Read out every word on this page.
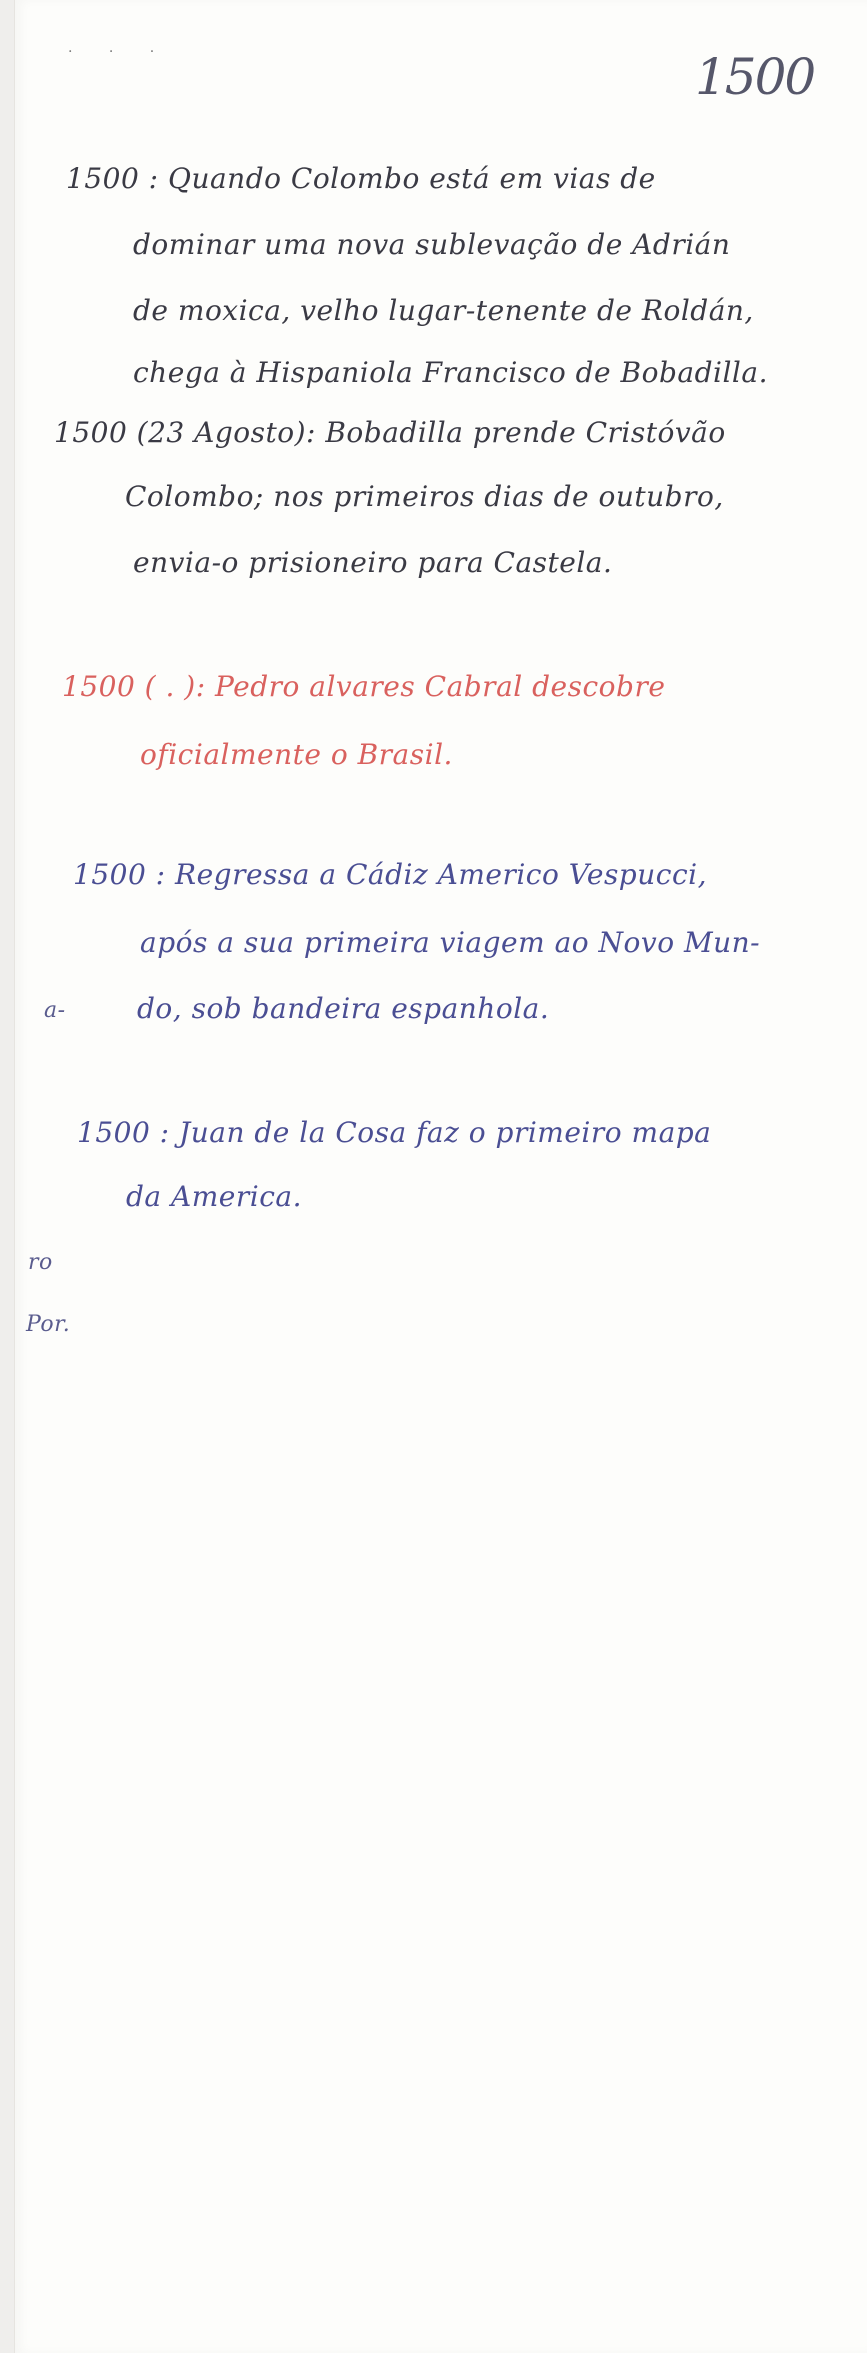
. . .	1500
1500 : Quando Colombo está em vias de
dominar uma nova sublevação de Adrián
de moxica, velho lugar-tenente de Roldán,
chega à Hispaniola Francisco de Bobadilla.
1500 (23 Agosto): Bobadilla prende Cristóvão
Colombo; nos primeiros dias de outubro,
envia-o prisioneiro para Castela.
1500 ( . ): Pedro alvares Cabral descobre
oficialmente o Brasil.
1500 : Regressa a Cádiz Americo Vespucci,
após a sua primeira viagem ao Novo Mun-
do, sob bandeira espanhola.
1500 : Juan de la Cosa faz o primeiro mapa
da America.
a-
ro
Por.
